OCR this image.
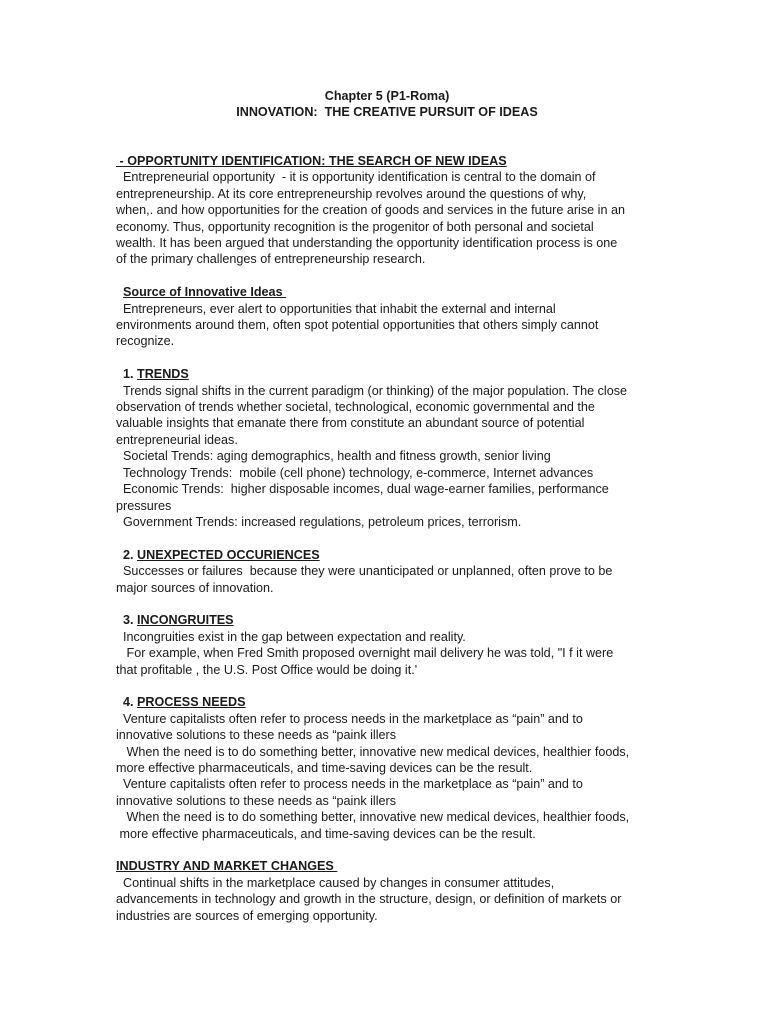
Chapter 5 (P1-Roma)
INNOVATION:  THE CREATIVE PURSUIT OF IDEAS
- OPPORTUNITY IDENTIFICATION: THE SEARCH OF NEW IDEAS
Entrepreneurial opportunity  - it is opportunity identification is central to the domain of
entrepreneurship. At its core entrepreneurship revolves around the questions of why,
when,. and how opportunities for the creation of goods and services in the future arise in an
economy. Thus, opportunity recognition is the progenitor of both personal and societal
wealth. It has been argued that understanding the opportunity identification process is one
of the primary challenges of entrepreneurship research.
Source of Innovative Ideas
Entrepreneurs, ever alert to opportunities that inhabit the external and internal
environments around them, often spot potential opportunities that others simply cannot
recognize.
1. TRENDS
Trends signal shifts in the current paradigm (or thinking) of the major population. The close
observation of trends whether societal, technological, economic governmental and the
valuable insights that emanate there from constitute an abundant source of potential
entrepreneurial ideas.
Societal Trends: aging demographics, health and fitness growth, senior living
Technology Trends:  mobile (cell phone) technology, e-commerce, Internet advances
Economic Trends:  higher disposable incomes, dual wage-earner families, performance
pressures
Government Trends: increased regulations, petroleum prices, terrorism.
2. UNEXPECTED OCCURIENCES
Successes or failures  because they were unanticipated or unplanned, often prove to be
major sources of innovation.
3. INCONGRUITES
Incongruities exist in the gap between expectation and reality.
For example, when Fred Smith proposed overnight mail delivery he was told, "I f it were
that profitable , the U.S. Post Office would be doing it.'
4. PROCESS NEEDS
Venture capitalists often refer to process needs in the marketplace as “pain” and to
innovative solutions to these needs as “paink illers
When the need is to do something better, innovative new medical devices, healthier foods,
more effective pharmaceuticals, and time-saving devices can be the result.
Venture capitalists often refer to process needs in the marketplace as “pain” and to
innovative solutions to these needs as “paink illers
When the need is to do something better, innovative new medical devices, healthier foods,
more effective pharmaceuticals, and time-saving devices can be the result.
INDUSTRY AND MARKET CHANGES
Continual shifts in the marketplace caused by changes in consumer attitudes,
advancements in technology and growth in the structure, design, or definition of markets or
industries are sources of emerging opportunity.
